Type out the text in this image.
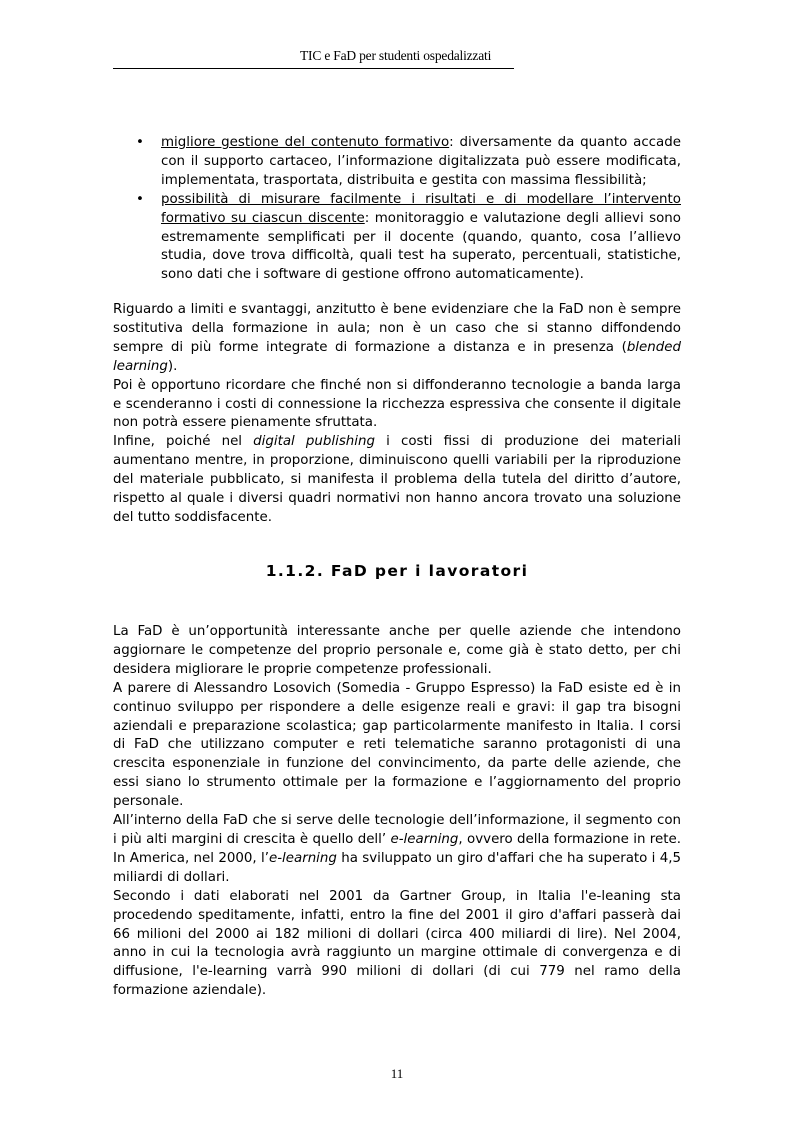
TIC e FaD per studenti ospedalizzati
• migliore gestione del contenuto formativo: diversamente da quanto accade con il supporto cartaceo, l’informazione digitalizzata può essere modificata, implementata, trasportata, distribuita e gestita con massima flessibilità;
• possibilità di misurare facilmente i risultati e di modellare l’intervento formativo su ciascun discente: monitoraggio e valutazione degli allievi sono estremamente semplificati per il docente (quando, quanto, cosa l’allievo studia, dove trova difficoltà, quali test ha superato, percentuali, statistiche, sono dati che i software di gestione offrono automaticamente).

Riguardo a limiti e svantaggi, anzitutto è bene evidenziare che la FaD non è sempre sostitutiva della formazione in aula; non è un caso che si stanno diffondendo sempre di più forme integrate di formazione a distanza e in presenza (blended learning).

Poi è opportuno ricordare che finché non si diffonderanno tecnologie a banda larga e scenderanno i costi di connessione la ricchezza espressiva che consente il digitale non potrà essere pienamente sfruttata.

Infine, poiché nel digital publishing i costi fissi di produzione dei materiali aumentano mentre, in proporzione, diminuiscono quelli variabili per la riproduzione del materiale pubblicato, si manifesta il problema della tutela del diritto d’autore, rispetto al quale i diversi quadri normativi non hanno ancora trovato una soluzione del tutto soddisfacente.

1.1.2. FaD per i lavoratori

La FaD è un’opportunità interessante anche per quelle aziende che intendono aggiornare le competenze del proprio personale e, come già è stato detto, per chi desidera migliorare le proprie competenze professionali.

A parere di Alessandro Losovich (Somedia - Gruppo Espresso) la FaD esiste ed è in continuo sviluppo per rispondere a delle esigenze reali e gravi: il gap tra bisogni aziendali e preparazione scolastica; gap particolarmente manifesto in Italia. I corsi di FaD che utilizzano computer e reti telematiche saranno protagonisti di una crescita esponenziale in funzione del convincimento, da parte delle aziende, che essi siano lo strumento ottimale per la formazione e l’aggiornamento del proprio personale.

All’interno della FaD che si serve delle tecnologie dell’informazione, il segmento con i più alti margini di crescita è quello dell’ e-learning, ovvero della formazione in rete. In America, nel 2000, l’e-learning ha sviluppato un giro d'affari che ha superato i 4,5 miliardi di dollari.

Secondo i dati elaborati nel 2001 da Gartner Group, in Italia l'e-leaning sta procedendo speditamente, infatti, entro la fine del 2001 il giro d'affari passerà dai 66 milioni del 2000 ai 182 milioni di dollari (circa 400 miliardi di lire). Nel 2004, anno in cui la tecnologia avrà raggiunto un margine ottimale di convergenza e di diffusione, l'e-learning varrà 990 milioni di dollari (di cui 779 nel ramo della formazione aziendale).

11
